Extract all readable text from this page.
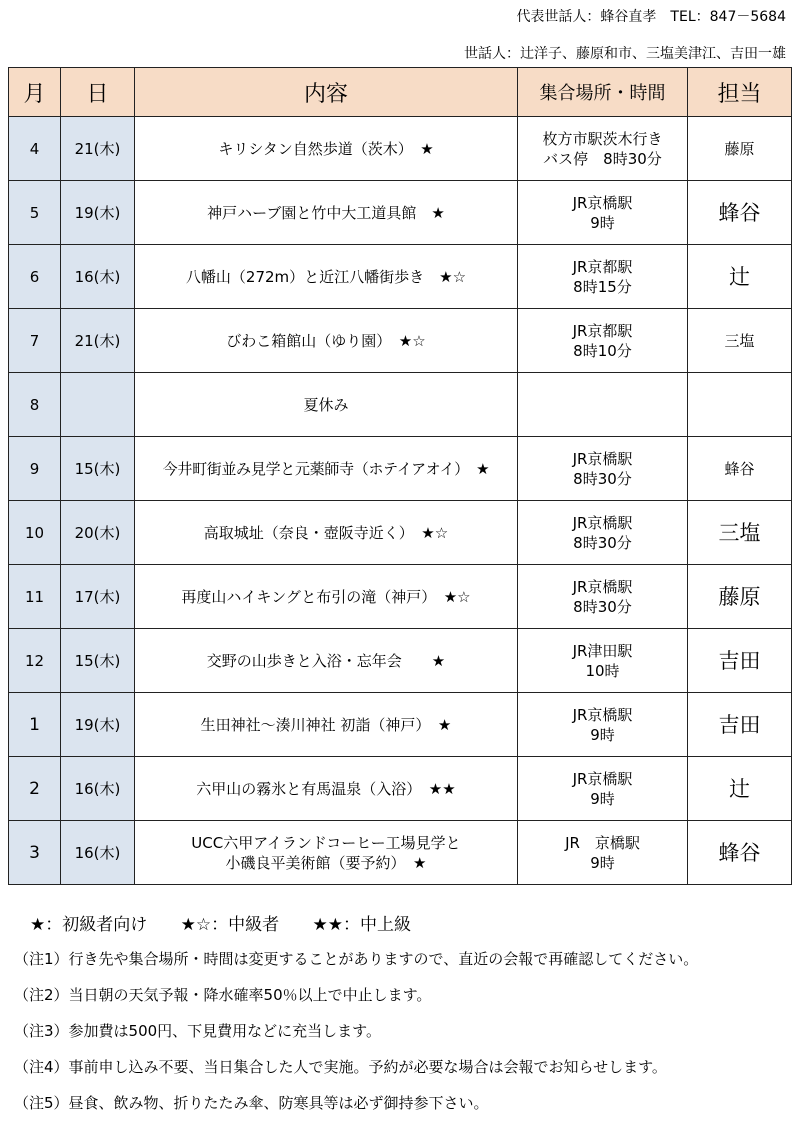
代表世話人：蜂谷直孝　TEL：847－5684
世話人：辻洋子、藤原和市、三塩美津江、吉田一雄
月	日	内容	集合場所・時間	担当
4	21(木)	キリシタン自然歩道（茨木）　★	枚方市駅茨木行き
バス停　8時30分	藤原
5	19(木)	神戸ハーブ園と竹中大工道具館　★	JR京橋駅
9時	蜂谷
6	16(木)	八幡山（272m）と近江八幡街歩き　★☆	JR京都駅
8時15分	辻
7	21(木)	びわこ箱館山（ゆり園）　★☆	JR京都駅
8時10分	三塩
8		夏休み		

9	15(木)	今井町街並み見学と元薬師寺（ホテイアオイ）　★	JR京橋駅
8時30分	蜂谷
10	20(木)	高取城址（奈良・壺阪寺近く）　★☆	JR京橋駅
8時30分	三塩
11	17(木)	再度山ハイキングと布引の滝（神戸）　★☆	JR京橋駅
8時30分	藤原
12	15(木)	交野の山歩きと入浴・忘年会　　★	JR津田駅
10時	吉田
1	19(木)	生田神社～湊川神社 初詣（神戸）　★	JR京橋駅
9時	吉田
2	16(木)	六甲山の霧氷と有馬温泉（入浴）　★★	JR京橋駅
9時	辻
3	16(木)	UCC六甲アイランドコーヒー工場見学と
小磯良平美術館（要予約）　★	JR　京橋駅
9時	蜂谷
★：初級者向け ★☆：中級者 ★★：中上級
（注1）行き先や集合場所・時間は変更することがありますので、直近の会報で再確認してください。
（注2）当日朝の天気予報・降水確率50％以上で中止します。
（注3）参加費は500円、下見費用などに充当します。
（注4）事前申し込み不要、当日集合した人で実施。予約が必要な場合は会報でお知らせします。
（注5）昼食、飲み物、折りたたみ傘、防寒具等は必ず御持参下さい。
